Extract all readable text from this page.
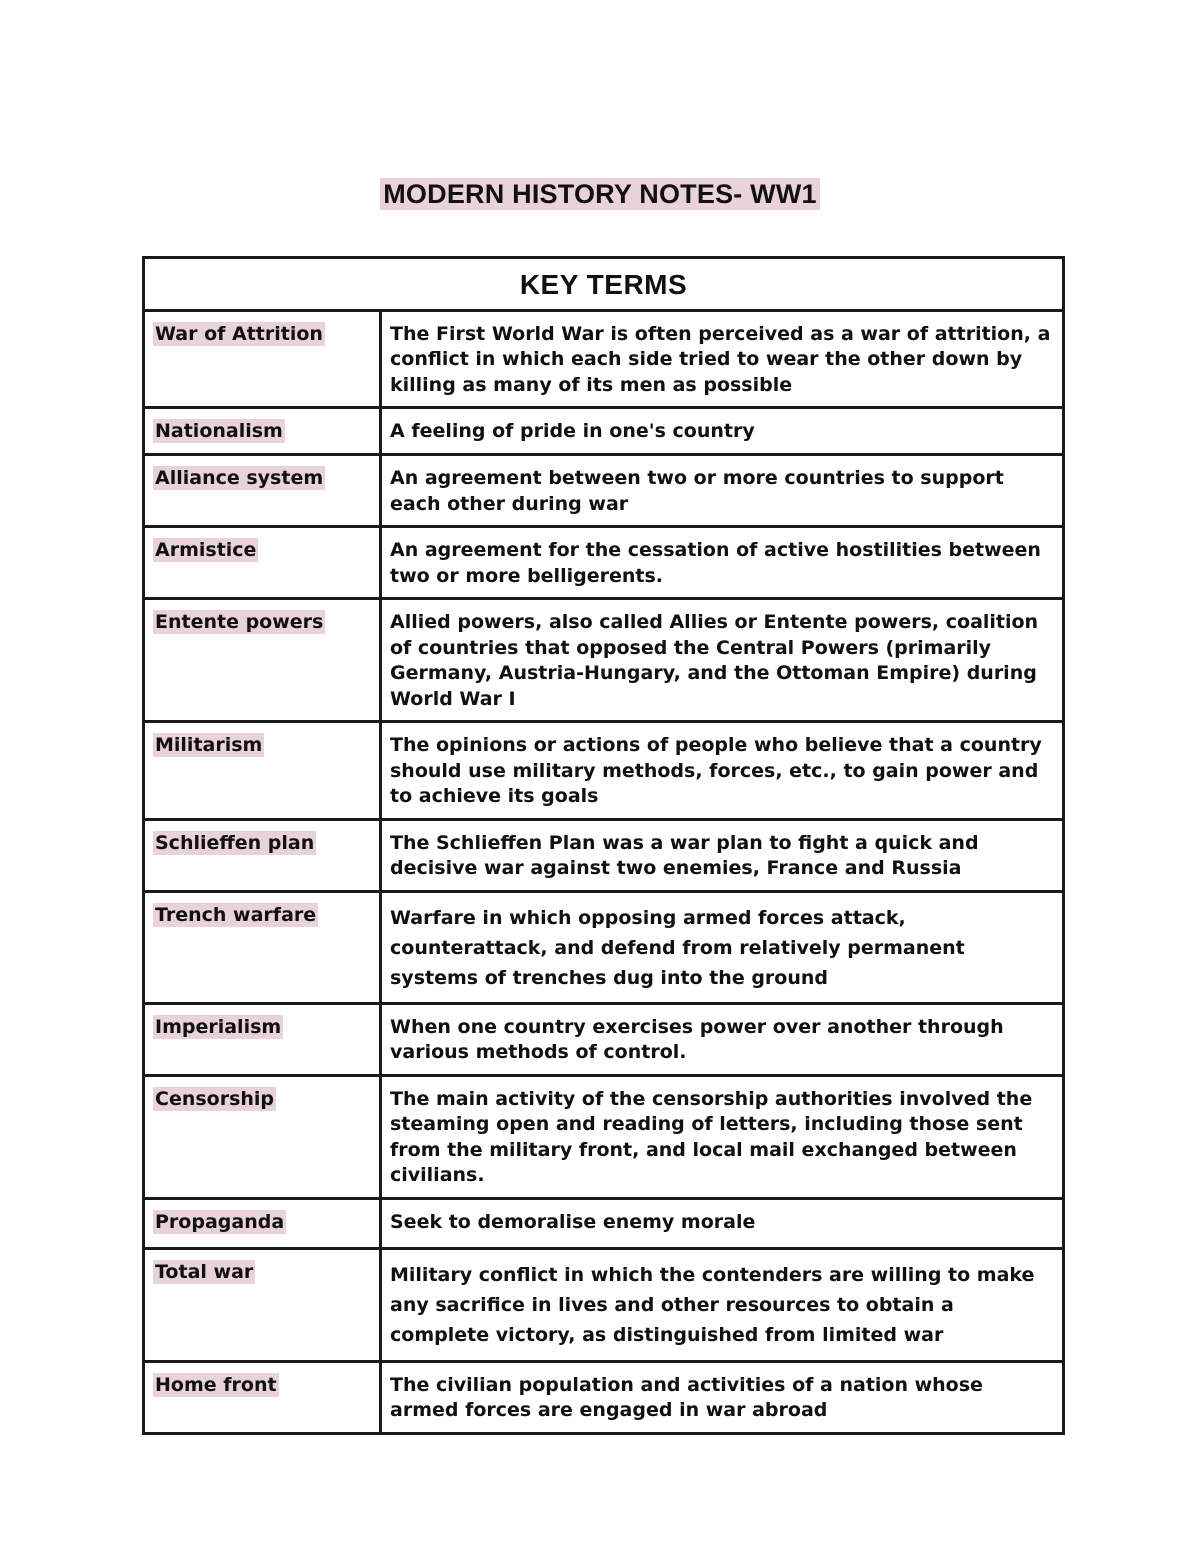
MODERN HISTORY NOTES- WW1
KEY TERMS	
War of Attrition	The First World War is often perceived as a war of attrition, a conflict in which each side tried to wear the other down by killing as many of its men as possible
Nationalism	A feeling of pride in one's country
Alliance system	An agreement between two or more countries to support each other during war
Armistice	An agreement for the cessation of active hostilities between two or more belligerents.
Entente powers	Allied powers, also called Allies or Entente powers, coalition of countries that opposed the Central Powers (primarily Germany, Austria-Hungary, and the Ottoman Empire) during World War I
Militarism	The opinions or actions of people who believe that a country should use military methods, forces, etc., to gain power and to achieve its goals
Schlieffen plan	The Schlieffen Plan was a war plan to fight a quick and decisive war against two enemies, France and Russia
Trench warfare	Warfare in which opposing armed forces attack, counterattack, and defend from relatively permanent systems of trenches dug into the ground
Imperialism	When one country exercises power over another through various methods of control.
Censorship	The main activity of the censorship authorities involved the steaming open and reading of letters, including those sent from the military front, and local mail exchanged between civilians.
Propaganda	Seek to demoralise enemy morale
Total war	Military conflict in which the contenders are willing to make any sacrifice in lives and other resources to obtain a complete victory, as distinguished from limited war
Home front	The civilian population and activities of a nation whose armed forces are engaged in war abroad
